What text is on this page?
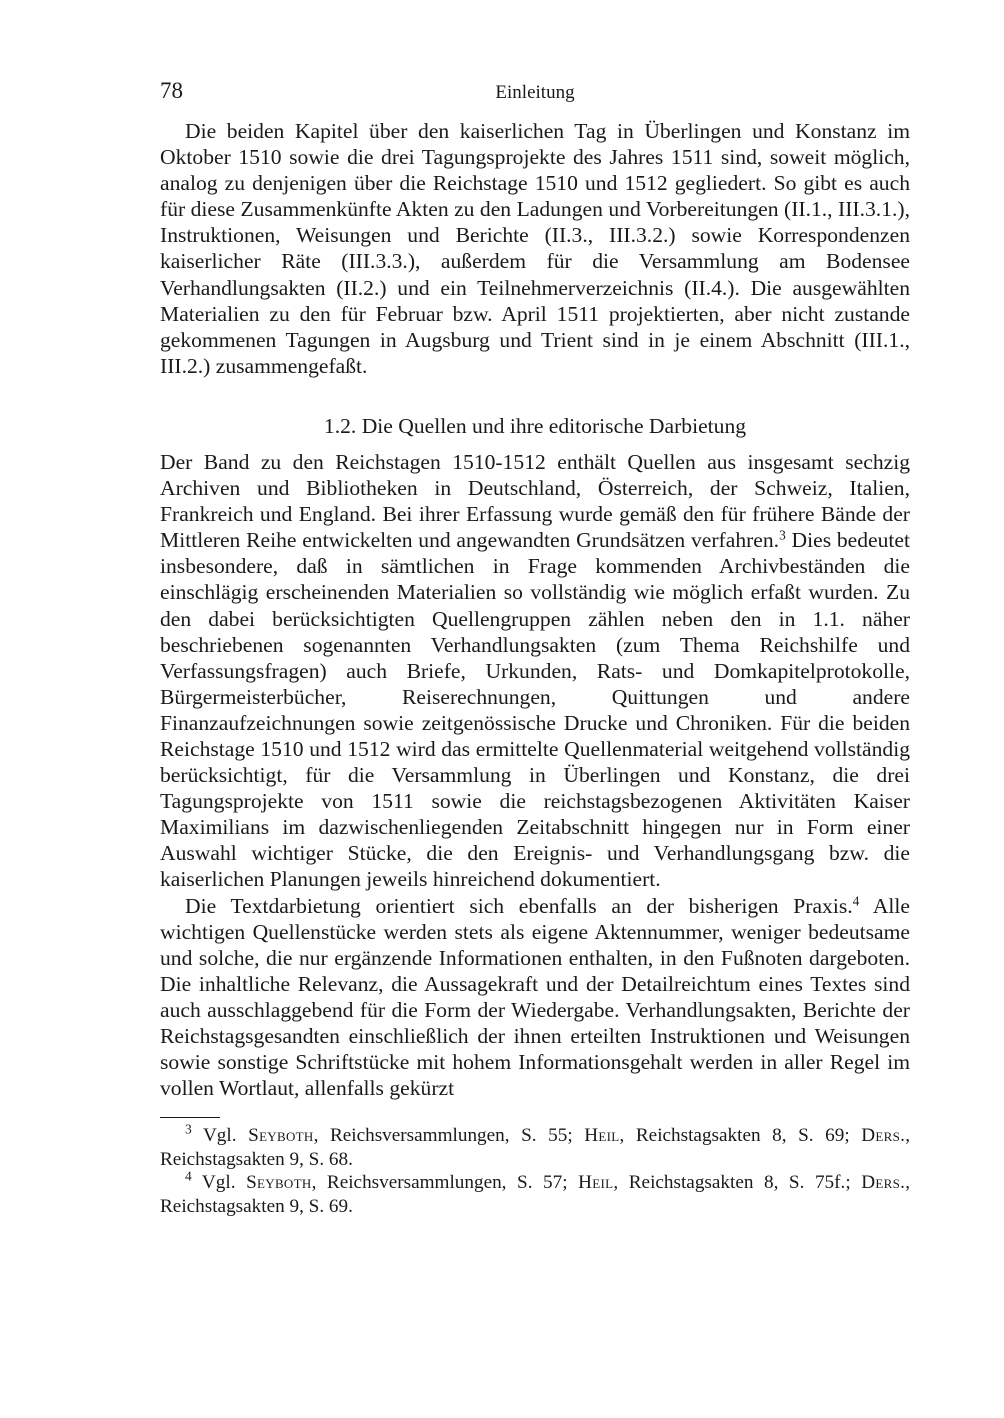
78	Einleitung

Die beiden Kapitel über den kaiserlichen Tag in Überlingen und Konstanz im Oktober 1510 sowie die drei Tagungsprojekte des Jahres 1511 sind, soweit möglich, analog zu denjenigen über die Reichstage 1510 und 1512 gegliedert. So gibt es auch für diese Zusammenkünfte Akten zu den Ladungen und Vorbereitungen (II.1., III.3.1.), Instruktionen, Weisungen und Berichte (II.3., III.3.2.) sowie Korrespondenzen kaiserlicher Räte (III.3.3.), außerdem für die Versammlung am Bodensee Verhandlungsakten (II.2.) und ein Teilnehmerverzeichnis (II.4.). Die ausgewählten Materialien zu den für Februar bzw. April 1511 projektierten, aber nicht zustande gekommenen Tagungen in Augsburg und Trient sind in je einem Abschnitt (III.1., III.2.) zusammengefaßt.

1.2. Die Quellen und ihre editorische Darbietung

Der Band zu den Reichstagen 1510-1512 enthält Quellen aus insgesamt sechzig Archiven und Bibliotheken in Deutschland, Österreich, der Schweiz, Italien, Frankreich und England. Bei ihrer Erfassung wurde gemäß den für frühere Bände der Mittleren Reihe entwickelten und angewandten Grundsätzen verfahren.$^3$ Dies bedeutet insbesondere, daß in sämtlichen in Frage kommenden Archivbeständen die einschlägig erscheinenden Materialien so vollständig wie möglich erfaßt wurden. Zu den dabei berücksichtigten Quellengruppen zählen neben den in 1.1. näher beschriebenen sogenannten Verhandlungsakten (zum Thema Reichshilfe und Verfassungsfragen) auch Briefe, Urkunden, Rats- und Domkapitelprotokolle, Bürgermeisterbücher, Reiserechnungen, Quittungen und andere Finanzaufzeichnungen sowie zeitgenössische Drucke und Chroniken. Für die beiden Reichstage 1510 und 1512 wird das ermittelte Quellenmaterial weitgehend vollständig berücksichtigt, für die Versammlung in Überlingen und Konstanz, die drei Tagungsprojekte von 1511 sowie die reichstagsbezogenen Aktivitäten Kaiser Maximilians im dazwischenliegenden Zeitabschnitt hingegen nur in Form einer Auswahl wichtiger Stücke, die den Ereignis- und Verhandlungsgang bzw. die kaiserlichen Planungen jeweils hinreichend dokumentiert.

Die Textdarbietung orientiert sich ebenfalls an der bisherigen Praxis.$^4$ Alle wichtigen Quellenstücke werden stets als eigene Aktennummer, weniger bedeutsame und solche, die nur ergänzende Informationen enthalten, in den Fußnoten dargeboten. Die inhaltliche Relevanz, die Aussagekraft und der Detailreichtum eines Textes sind auch ausschlaggebend für die Form der Wiedergabe. Verhandlungsakten, Berichte der Reichstagsgesandten einschließlich der ihnen erteilten Instruktionen und Weisungen sowie sonstige Schriftstücke mit hohem Informationsgehalt werden in aller Regel im vollen Wortlaut, allenfalls gekürzt

$^3$ Vgl. Seyboth, Reichsversammlungen, S. 55; Heil, Reichstagsakten 8, S. 69; Ders., Reichstagsakten 9, S. 68.

$^4$ Vgl. Seyboth, Reichsversammlungen, S. 57; Heil, Reichstagsakten 8, S. 75f.; Ders., Reichstagsakten 9, S. 69.
